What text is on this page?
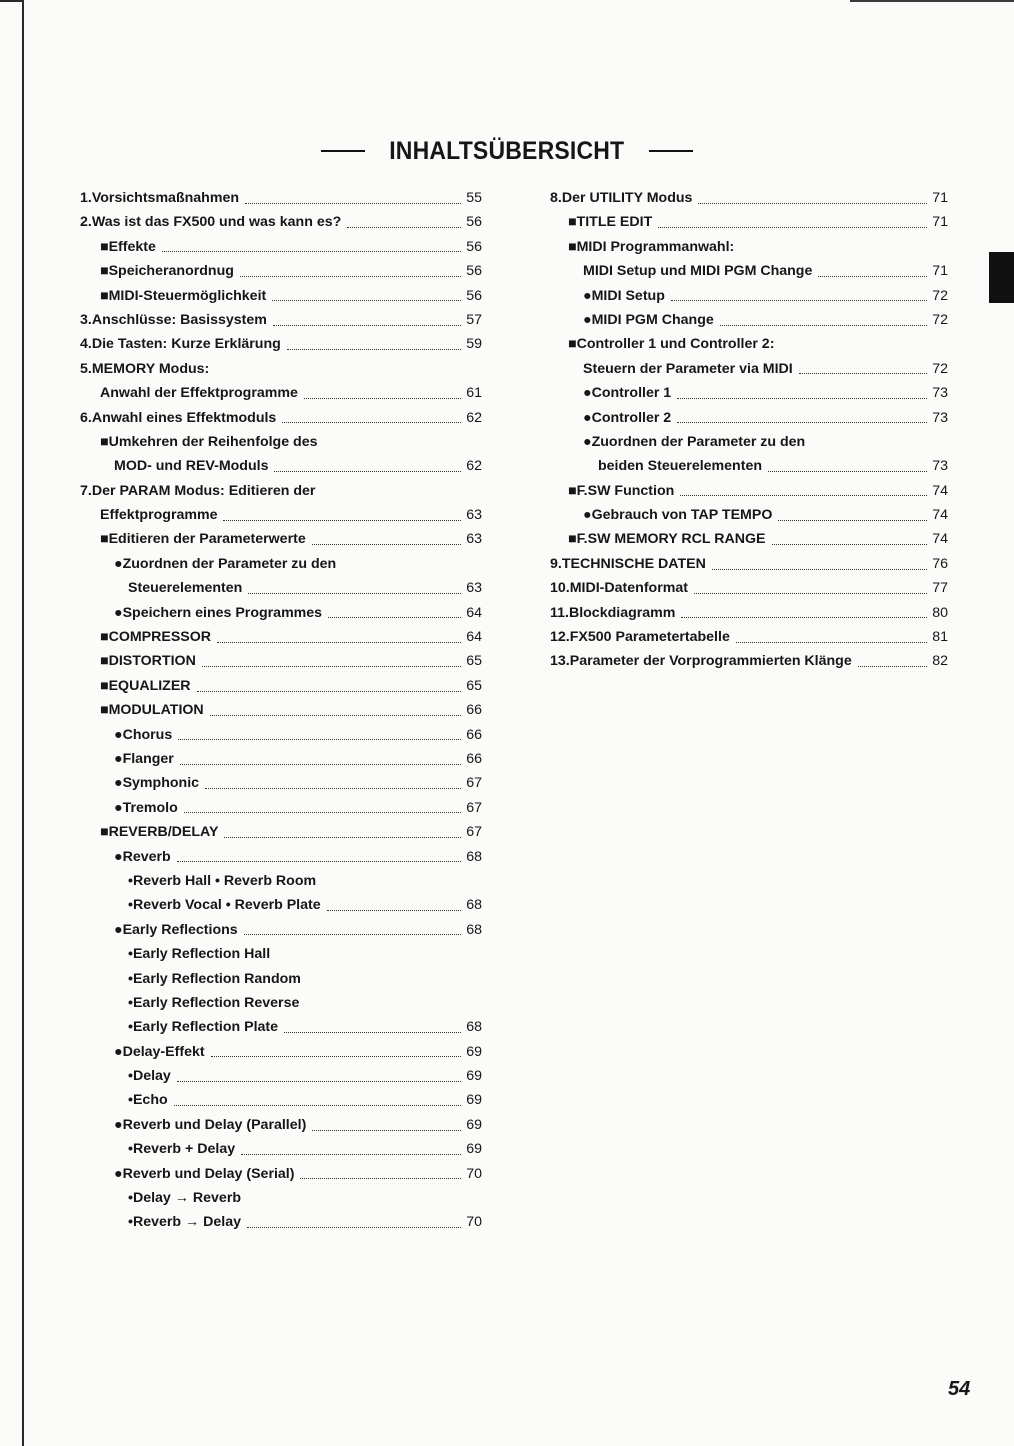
INHALTSÜBERSICHT
1. Vorsichtsmaßnahmen	55
2. Was ist das FX500 und was kann es?	56
■ Effekte	56
■ Speicheranordnug	56
■ MIDI-Steuermöglichkeit	56
3. Anschlüsse: Basissystem	57
4. Die Tasten: Kurze Erklärung	59
5. MEMORY Modus:
Anwahl der Effektprogramme	61
6. Anwahl eines Effektmoduls	62
■ Umkehren der Reihenfolge des
MOD- und REV-Moduls	62
7. Der PARAM Modus: Editieren der
Effektprogramme	63
■ Editieren der Parameterwerte	63
● Zuordnen der Parameter zu den
Steuerelementen	63
● Speichern eines Programmes	64
■ COMPRESSOR	64
■ DISTORTION	65
■ EQUALIZER	65
■ MODULATION	66
● Chorus	66
● Flanger	66
● Symphonic	67
● Tremolo	67
■ REVERB/DELAY	67
● Reverb	68
• Reverb Hall • Reverb Room
• Reverb Vocal • Reverb Plate	68
● Early Reflections	68
• Early Reflection Hall
• Early Reflection Random
• Early Reflection Reverse
• Early Reflection Plate	68
● Delay-Effekt	69
• Delay	69
• Echo	69
● Reverb und Delay (Parallel)	69
• Reverb + Delay	69
● Reverb und Delay (Serial)	70
• Delay → Reverb
• Reverb → Delay	70
8. Der UTILITY Modus	71
■ TITLE EDIT	71
■ MIDI Programmanwahl:
MIDI Setup und MIDI PGM Change	71
● MIDI Setup	72
● MIDI PGM Change	72
■ Controller 1 und Controller 2:
Steuern der Parameter via MIDI	72
● Controller 1	73
● Controller 2	73
● Zuordnen der Parameter zu den
beiden Steuerelementen	73
■ F.SW Function	74
● Gebrauch von TAP TEMPO	74
■ F.SW MEMORY RCL RANGE	74
9. TECHNISCHE DATEN	76
10. MIDI-Datenformat	77
11. Blockdiagramm	80
12. FX500 Parametertabelle	81
13. Parameter der Vorprogrammierten Klänge	82
54
